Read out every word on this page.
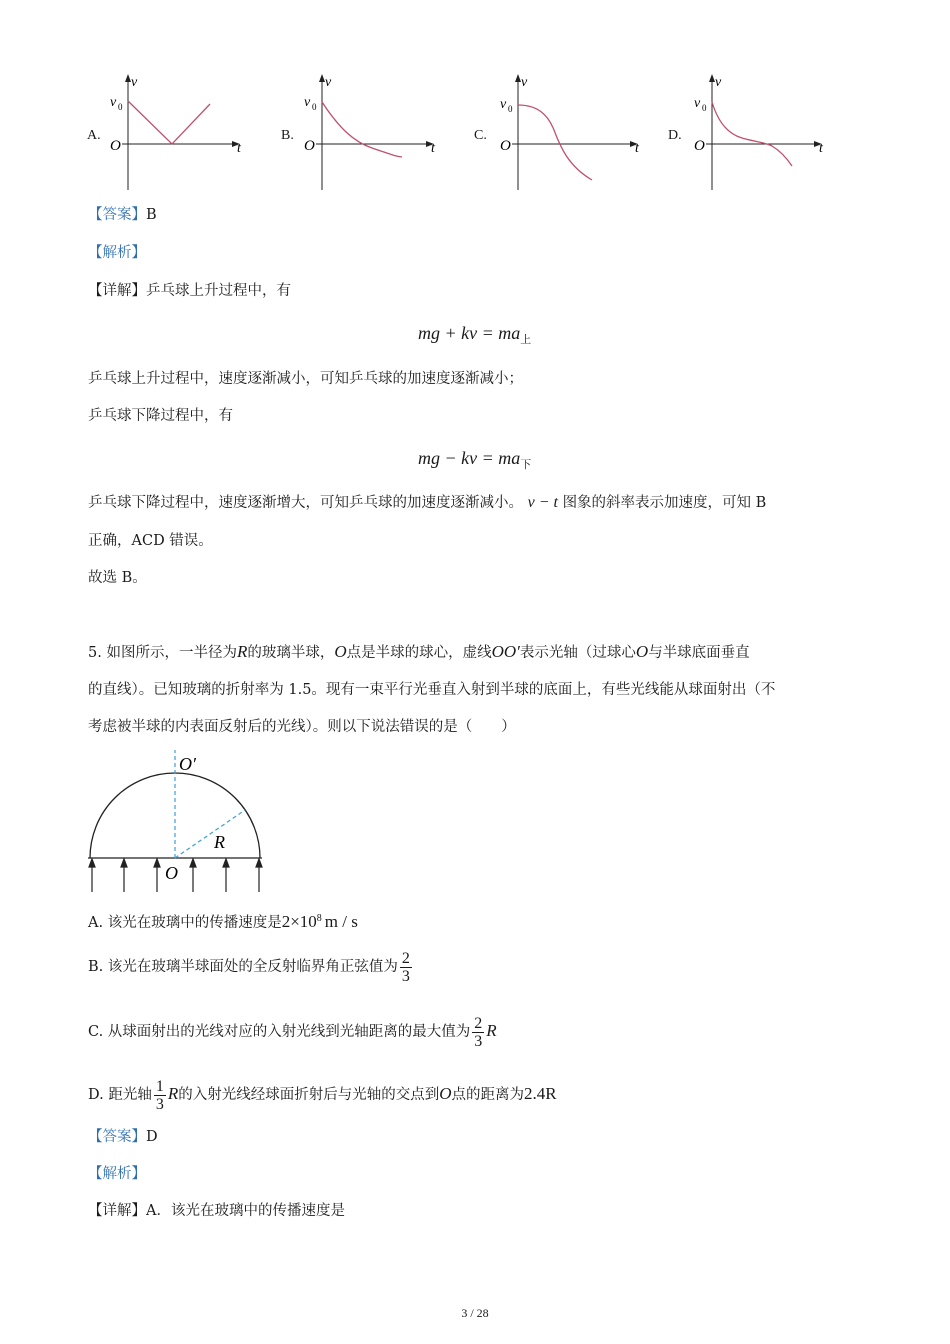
A.
v
v 0
O	t
B.
v
v 0
O	t
C.
v
v 0
O	t
D.
v
v 0
O	t
【答案】B
【解析】
【详解】乒乓球上升过程中，有
mg + kv = $ma_上$
乒乓球上升过程中，速度逐渐减小，可知乒乓球的加速度逐渐减小；
乒乓球下降过程中，有
mg − kv = $ma_下$
乒乓球下降过程中，速度逐渐增大，可知乒乓球的加速度逐渐减小。 v − t 图象的斜率表示加速度，可知 B
正确，ACD 错误。
故选 B。
5. 如图所示，一半径为R的玻璃半球，O点是半球的球心，虚线OO′表示光轴（过球心O与半球底面垂直
的直线）。已知玻璃的折射率为 1.5。现有一束平行光垂直入射到半球的底面上，有些光线能从球面射出（不
考虑被半球的内表面反射后的光线）。则以下说法错误的是（　　）
O′
R
O
A. 该光在玻璃中的传播速度是$2\times 10^8$ m / s
B. 该光在玻璃半球面处的全反射临界角正弦值为 $\frac{2}{3}$
C. 从球面射出的光线对应的入射光线到光轴距离的最大值为 $\frac{2}{3}$ R
D. 距光轴 $\frac{1}{3}$ R的入射光线经球面折射后与光轴的交点到O点的距离为2.4R
【答案】D
【解析】
【详解】A．该光在玻璃中的传播速度是
3 / 28
